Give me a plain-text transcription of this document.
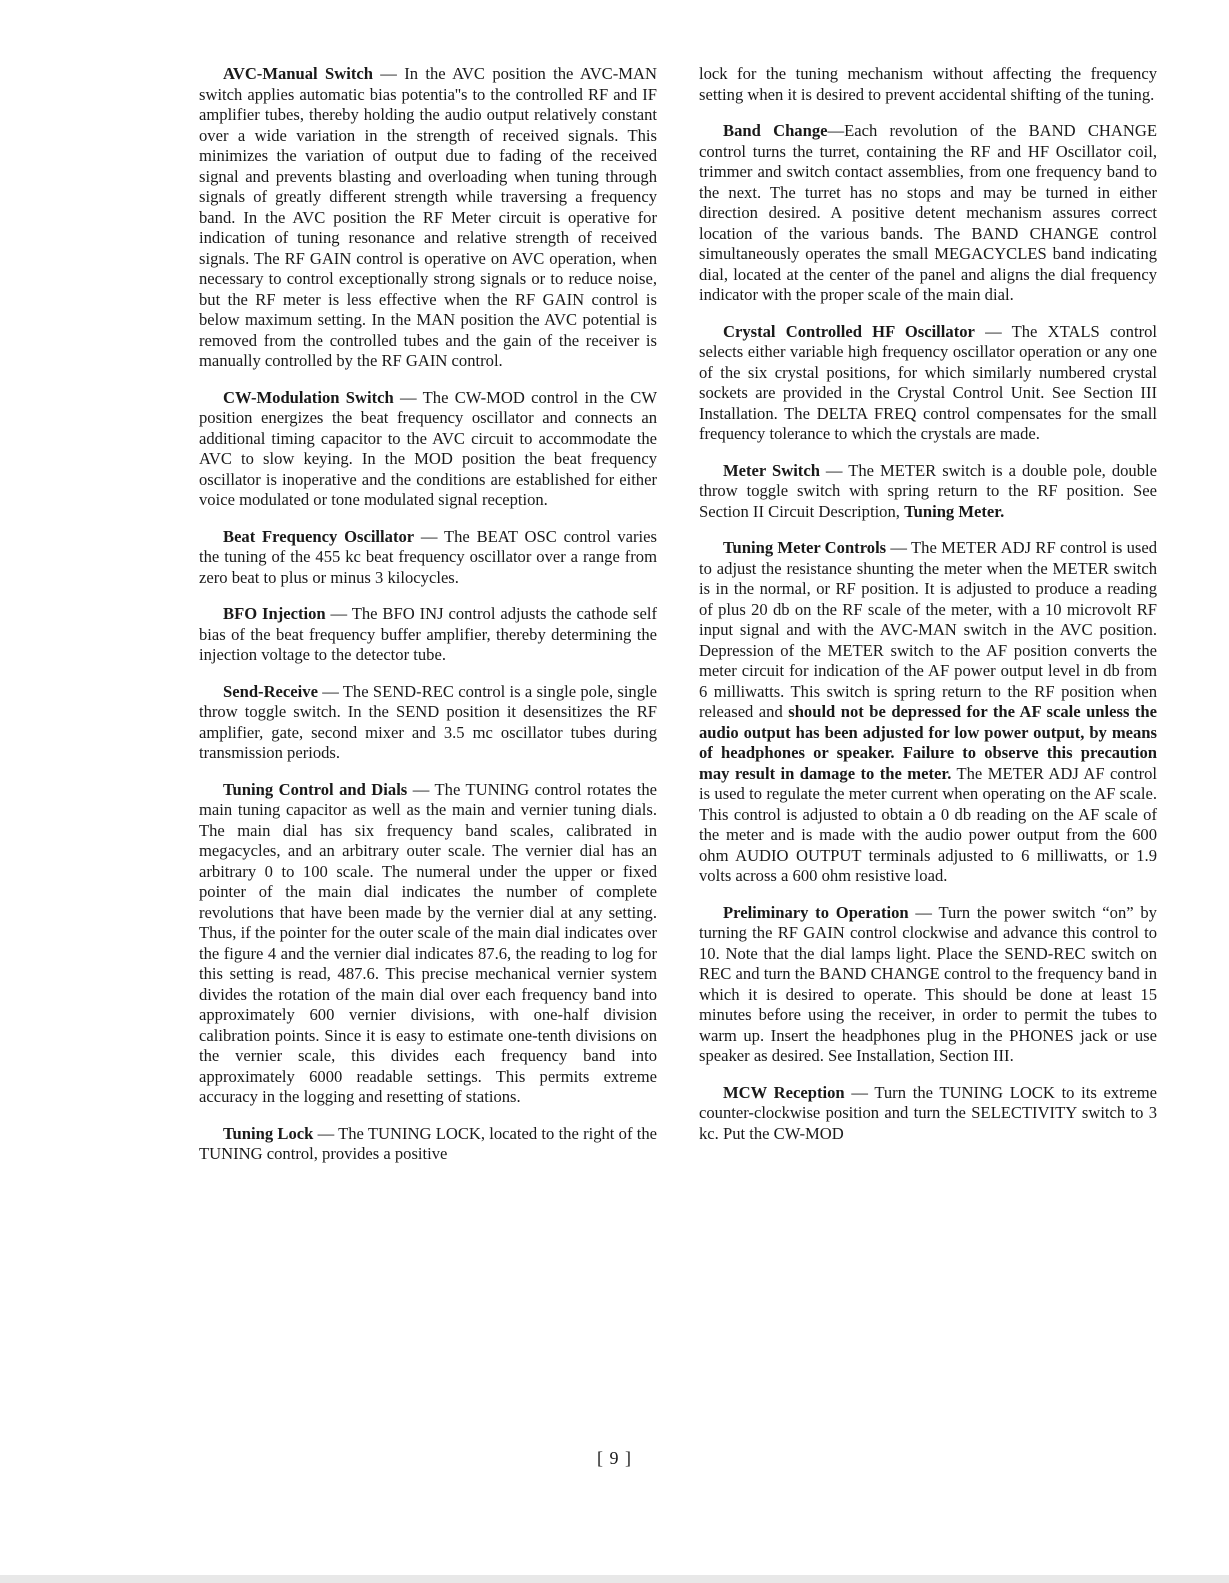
AVC-Manual Switch — In the AVC position the AVC-MAN switch applies automatic bias potentia''s to the controlled RF and IF amplifier tubes, thereby holding the audio output relatively constant over a wide variation in the strength of received signals. This minimizes the variation of output due to fading of the received signal and prevents blasting and overloading when tuning through signals of greatly different strength while traversing a frequency band. In the AVC position the RF Meter circuit is operative for indication of tuning resonance and relative strength of received signals. The RF GAIN control is operative on AVC operation, when necessary to control exceptionally strong signals or to reduce noise, but the RF meter is less effective when the RF GAIN control is below maximum setting. In the MAN position the AVC potential is removed from the controlled tubes and the gain of the receiver is manually controlled by the RF GAIN control.

CW-Modulation Switch — The CW-MOD control in the CW position energizes the beat frequency oscillator and connects an additional timing capacitor to the AVC circuit to accommodate the AVC to slow keying. In the MOD position the beat frequency oscillator is inoperative and the conditions are established for either voice modulated or tone modulated signal reception.

Beat Frequency Oscillator — The BEAT OSC control varies the tuning of the 455 kc beat frequency oscillator over a range from zero beat to plus or minus 3 kilocycles.

BFO Injection — The BFO INJ control adjusts the cathode self bias of the beat frequency buffer amplifier, thereby determining the injection voltage to the detector tube.

Send-Receive — The SEND-REC control is a single pole, single throw toggle switch. In the SEND position it desensitizes the RF amplifier, gate, second mixer and 3.5 mc oscillator tubes during transmission periods.

Tuning Control and Dials — The TUNING control rotates the main tuning capacitor as well as the main and vernier tuning dials. The main dial has six frequency band scales, calibrated in megacycles, and an arbitrary outer scale. The vernier dial has an arbitrary 0 to 100 scale. The numeral under the upper or fixed pointer of the main dial indicates the number of complete revolutions that have been made by the vernier dial at any setting. Thus, if the pointer for the outer scale of the main dial indicates over the figure 4 and the vernier dial indicates 87.6, the reading to log for this setting is read, 487.6. This precise mechanical vernier system divides the rotation of the main dial over each frequency band into approximately 600 vernier divisions, with one-half division calibration points. Since it is easy to estimate one-tenth divisions on the vernier scale, this divides each frequency band into approximately 6000 readable settings. This permits extreme accuracy in the logging and resetting of stations.

Tuning Lock — The TUNING LOCK, located to the right of the TUNING control, provides a positive

lock for the tuning mechanism without affecting the frequency setting when it is desired to prevent accidental shifting of the tuning.

Band Change—Each revolution of the BAND CHANGE control turns the turret, containing the RF and HF Oscillator coil, trimmer and switch contact assemblies, from one frequency band to the next. The turret has no stops and may be turned in either direction desired. A positive detent mechanism assures correct location of the various bands. The BAND CHANGE control simultaneously operates the small MEGACYCLES band indicating dial, located at the center of the panel and aligns the dial frequency indicator with the proper scale of the main dial.

Crystal Controlled HF Oscillator — The XTALS control selects either variable high frequency oscillator operation or any one of the six crystal positions, for which similarly numbered crystal sockets are provided in the Crystal Control Unit. See Section III Installation. The DELTA FREQ control compensates for the small frequency tolerance to which the crystals are made.

Meter Switch — The METER switch is a double pole, double throw toggle switch with spring return to the RF position. See Section II Circuit Description, Tuning Meter.

Tuning Meter Controls — The METER ADJ RF control is used to adjust the resistance shunting the meter when the METER switch is in the normal, or RF position. It is adjusted to produce a reading of plus 20 db on the RF scale of the meter, with a 10 microvolt RF input signal and with the AVC-MAN switch in the AVC position. Depression of the METER switch to the AF position converts the meter circuit for indication of the AF power output level in db from 6 milliwatts. This switch is spring return to the RF position when released and should not be depressed for the AF scale unless the audio output has been adjusted for low power output, by means of headphones or speaker. Failure to observe this precaution may result in damage to the meter. The METER ADJ AF control is used to regulate the meter current when operating on the AF scale. This control is adjusted to obtain a 0 db reading on the AF scale of the meter and is made with the audio power output from the 600 ohm AUDIO OUTPUT terminals adjusted to 6 milliwatts, or 1.9 volts across a 600 ohm resistive load.

Preliminary to Operation — Turn the power switch “on” by turning the RF GAIN control clockwise and advance this control to 10. Note that the dial lamps light. Place the SEND-REC switch on REC and turn the BAND CHANGE control to the frequency band in which it is desired to operate. This should be done at least 15 minutes before using the receiver, in order to permit the tubes to warm up. Insert the headphones plug in the PHONES jack or use speaker as desired. See Installation, Section III.

MCW Reception — Turn the TUNING LOCK to its extreme counter-clockwise position and turn the SELECTIVITY switch to 3 kc. Put the CW-MOD

[ 9 ]
